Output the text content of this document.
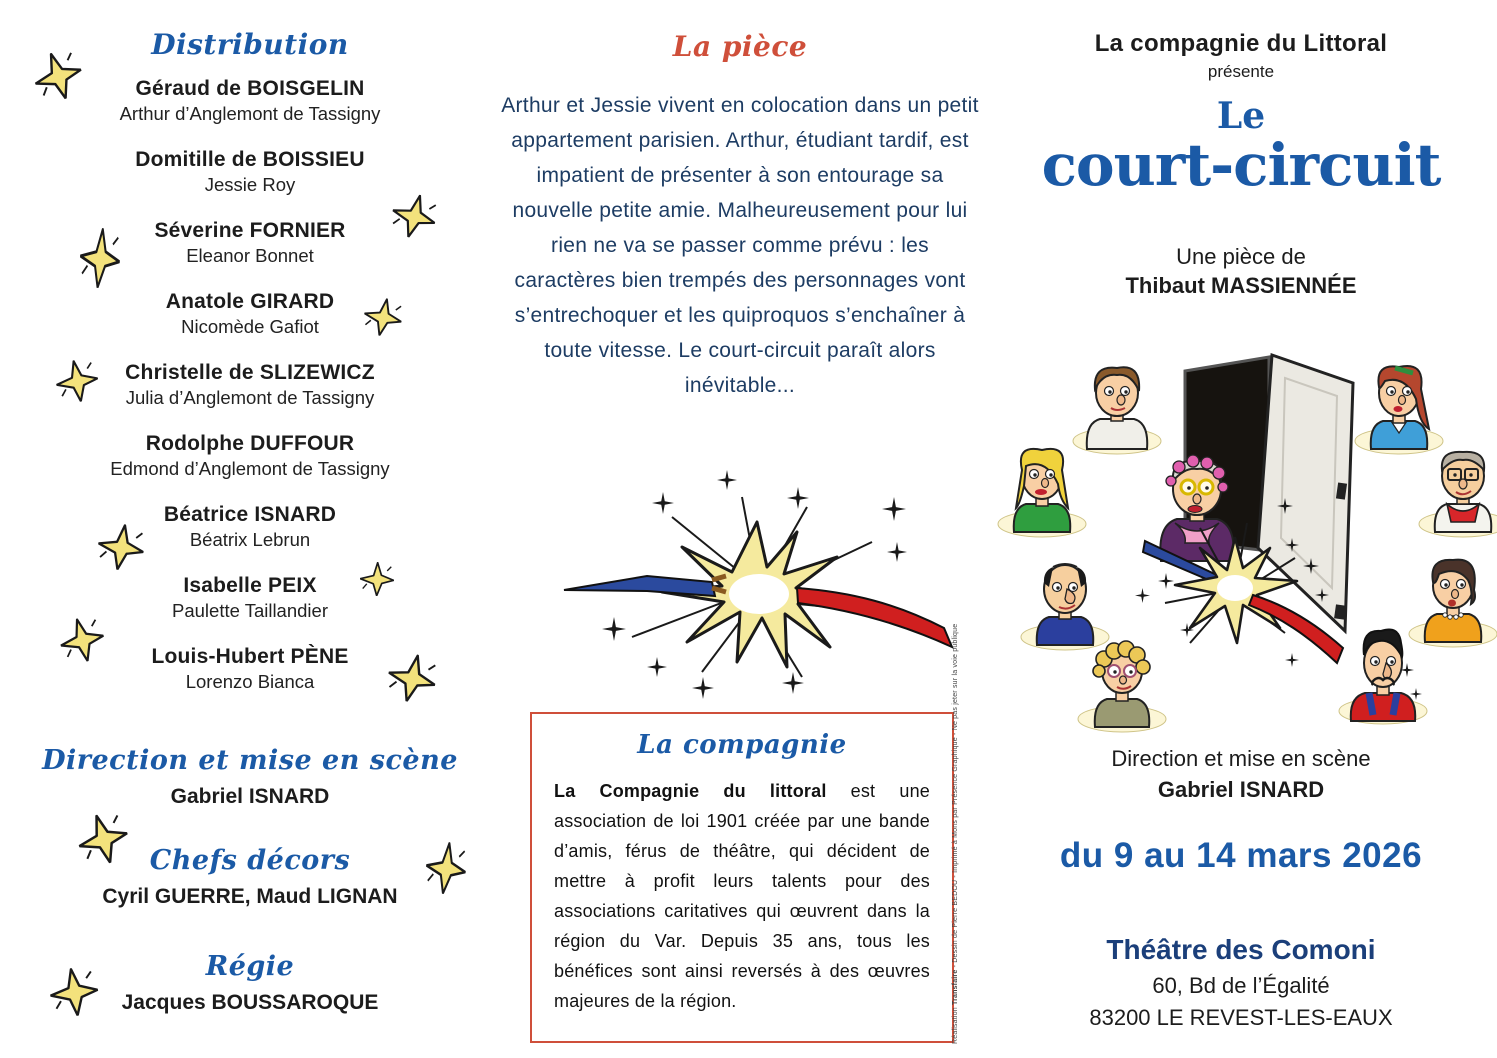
Distribution
Géraud de BOISGELIN
Arthur d’Anglemont de Tassigny
Domitille de BOISSIEU
Jessie Roy
Séverine FORNIER
Eleanor Bonnet
Anatole GIRARD
Nicomède Gafiot
Christelle de SLIZEWICZ
Julia d’Anglemont de Tassigny
Rodolphe DUFFOUR
Edmond d’Anglemont de Tassigny
Béatrice ISNARD
Béatrix Lebrun
Isabelle PEIX
Paulette Taillandier
Louis-Hubert PÈNE
Lorenzo Bianca
Direction et mise en scène
Gabriel ISNARD
Chefs décors
Cyril GUERRE, Maud LIGNAN
Régie
Jacques BOUSSAROQUE
La pièce
Arthur et Jessie vivent en colocation dans un petit appartement parisien. Arthur, étudiant tardif, est impatient de présenter à son entourage sa nouvelle petite amie. Malheureusement pour lui rien ne va se passer comme prévu : les caractères bien trempés des personnages vont s’entrechoquer et les quiproquos s’enchaîner à toute vitesse. Le court-circuit paraît alors inévitable...
La compagnie
La Compagnie du littoral est une association de loi 1901 créée par une bande d’amis, férus de théâtre, qui décident de mettre à profit leurs talents pour des associations caritatives qui œuvrent dans la région du Var. Depuis 35 ans, tous les bénéfices sont ainsi reversés à des œuvres majeures de la région.
Réalisation Transfaire - Dessin de Pierre BEDOU - Imprimé à Mons par Présence Graphique - Ne pas jeter sur la voie publique
La compagnie du Littoral
présente
Le
court-circuit
Une pièce de
Thibaut MASSIENNÉE
Direction et mise en scène
Gabriel ISNARD
du 9 au 14 mars 2026
Théâtre des Comoni
60, Bd de l’Égalité
83200 LE REVEST-LES-EAUX
